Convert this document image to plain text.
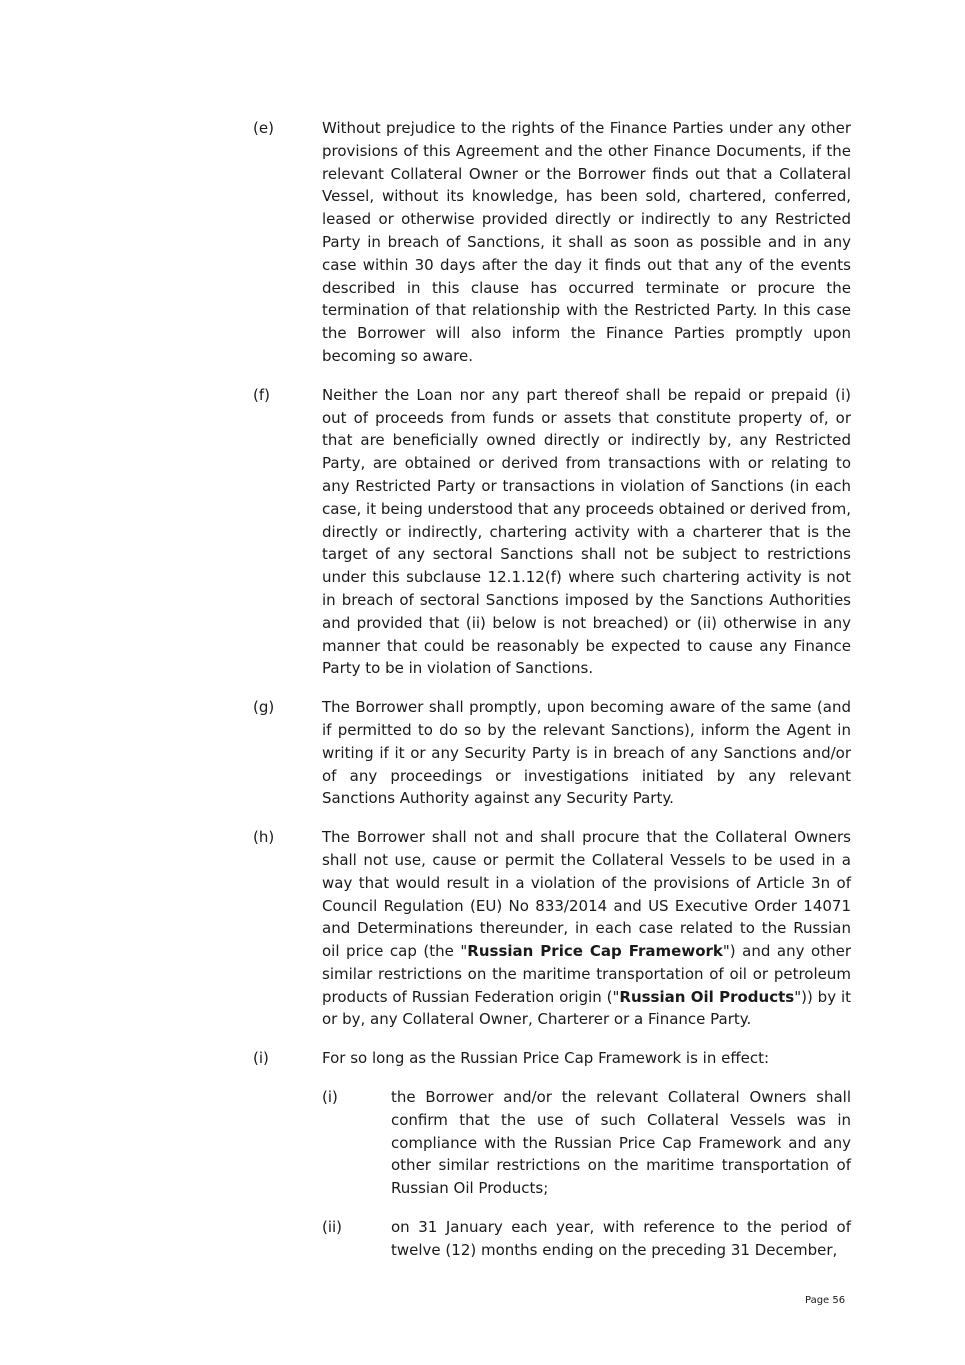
(e)	Without prejudice to the rights of the Finance Parties under any other provisions of this Agreement and the other Finance Documents, if the relevant Collateral Owner or the Borrower finds out that a Collateral Vessel, without its knowledge, has been sold, chartered, conferred, leased or otherwise provided directly or indirectly to any Restricted Party in breach of Sanctions, it shall as soon as possible and in any case within 30 days after the day it finds out that any of the events described in this clause has occurred terminate or procure the termination of that relationship with the Restricted Party. In this case the Borrower will also inform the Finance Parties promptly upon becoming so aware.
(f)	Neither the Loan nor any part thereof shall be repaid or prepaid (i) out of proceeds from funds or assets that constitute property of, or that are beneficially owned directly or indirectly by, any Restricted Party, are obtained or derived from transactions with or relating to any Restricted Party or transactions in violation of Sanctions (in each case, it being understood that any proceeds obtained or derived from, directly or indirectly, chartering activity with a charterer that is the target of any sectoral Sanctions shall not be subject to restrictions under this subclause 12.1.12(f) where such chartering activity is not in breach of sectoral Sanctions imposed by the Sanctions Authorities and provided that (ii) below is not breached) or (ii) otherwise in any manner that could be reasonably be expected to cause any Finance Party to be in violation of Sanctions.
(g)	The Borrower shall promptly, upon becoming aware of the same (and if permitted to do so by the relevant Sanctions), inform the Agent in writing if it or any Security Party is in breach of any Sanctions and/or of any proceedings or investigations initiated by any relevant Sanctions Authority against any Security Party.
(h)	The Borrower shall not and shall procure that the Collateral Owners shall not use, cause or permit the Collateral Vessels to be used in a way that would result in a violation of the provisions of Article 3n of Council Regulation (EU) No 833/2014 and US Executive Order 14071 and Determinations thereunder, in each case related to the Russian oil price cap (the "Russian Price Cap Framework") and any other similar restrictions on the maritime transportation of oil or petroleum products of Russian Federation origin ("Russian Oil Products")) by it or by, any Collateral Owner, Charterer or a Finance Party.
(i)	For so long as the Russian Price Cap Framework is in effect:
(i)	the Borrower and/or the relevant Collateral Owners shall confirm that the use of such Collateral Vessels was in compliance with the Russian Price Cap Framework and any other similar restrictions on the maritime transportation of Russian Oil Products;
(ii)	on 31 January each year, with reference to the period of twelve (12) months ending on the preceding 31 December,
Page 56
